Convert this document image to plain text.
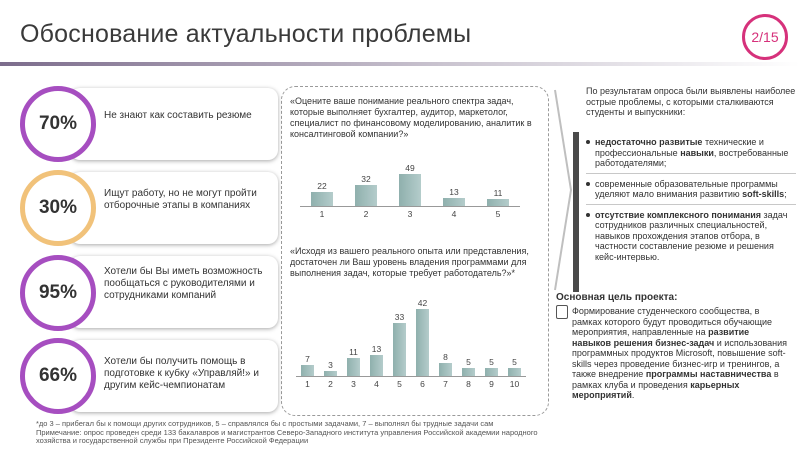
Обоснование актуальности проблемы	2/15
70%	Не знают как составить резюме
30%
Ищут работу, но не могут пройти отборочные этапы в компаниях
95%
Хотели бы Вы иметь возможность пообщаться с руководителями и сотрудниками компаний
66%
Хотели бы получить помощь в подготовке к кубку «Управляй!» и другим кейс-чемпионатам
«Оцените ваше понимание реального спектра задач, которые выполняет бухгалтер, аудитор, маркетолог, специалист по финансовому моделированию, аналитик в консалтинговой компании?»
22
1
32
2
49
3
13
4
11
5
«Исходя из вашего реального опыта или представления, достаточен ли Ваш уровень владения программами для выполнения задач, которые требует работодатель?»*
7
1
3
2
11
3
13
4
33
5
42
6
8
7
5
8
5
9
5
10
По результатам опроса были выявлены наиболее острые проблемы, с которыми сталкиваются студенты и выпускники:
недостаточно развитые технические и профессиональные навыки, востребованные работодателями;
современные образовательные программы уделяют мало внимания развитию soft-skills;
отсутствие комплексного понимания задач сотрудников различных специальностей, навыков прохождения этапов отбора, в частности составление резюме и решения кейс-интервью.
Основная цель проекта:
Формирование студенческого сообщества, в рамках которого будут проводиться обучающие мероприятия, направленные на развитие навыков решения бизнес-задач и использования программных продуктов Microsoft, повышение soft-skills через проведение бизнес-игр и тренингов, а также внедрение программы наставничества в рамках клуба и проведения карьерных мероприятий.
*до 3 – прибегал бы к помощи других сотрудников, 5 – справлялся бы с простыми задачами, 7 – выполнял бы трудные задачи сам
Примечание: опрос проведен среди 133 бакалавров и магистрантов Северо-Западного института управления Российской академии народного хозяйства и государственной службы при Президенте Российской Федерации
